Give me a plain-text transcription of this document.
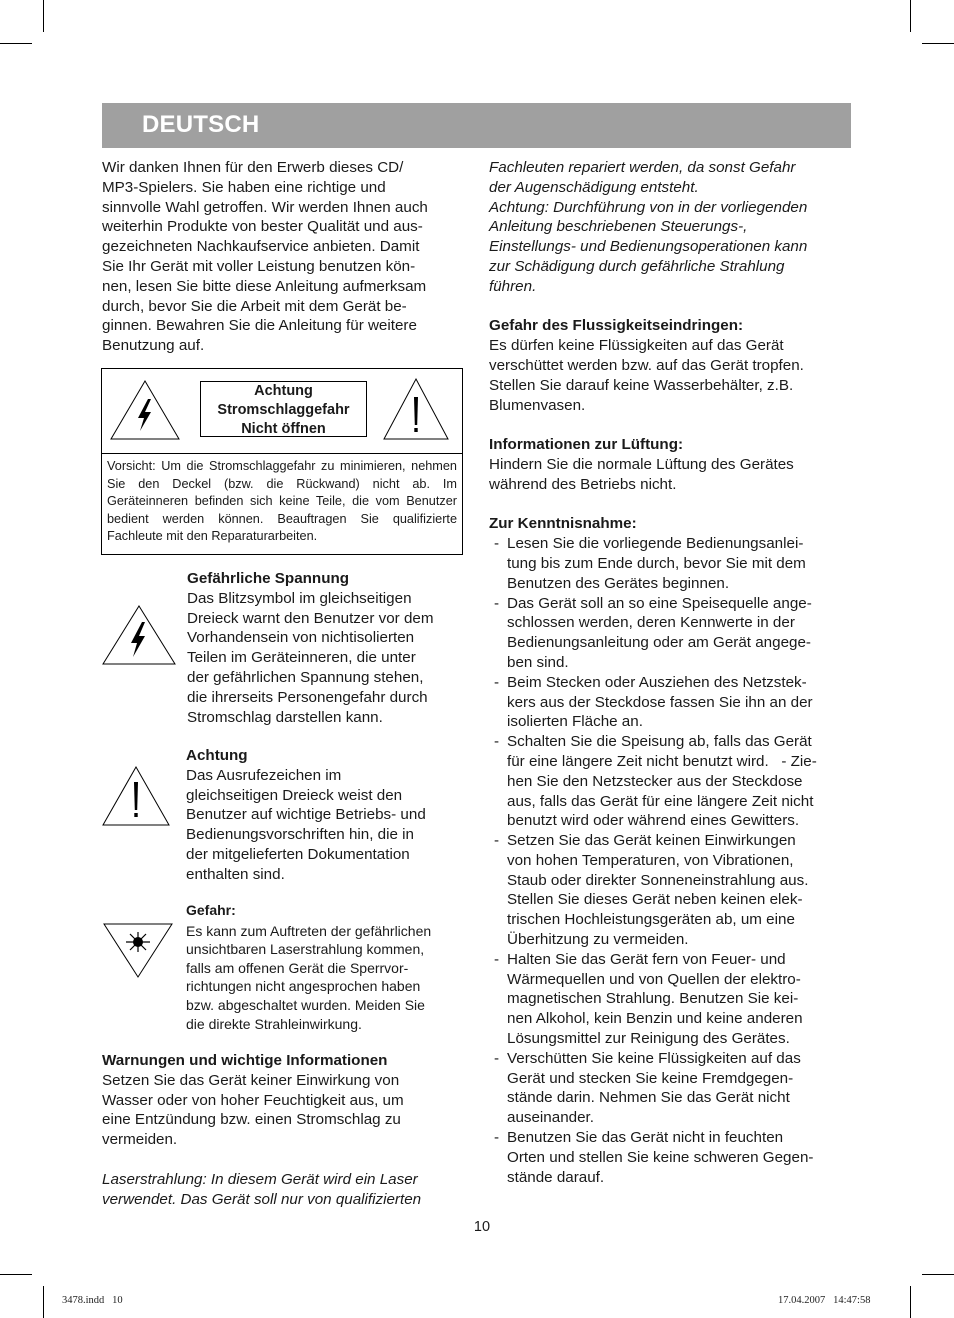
DEUTSCH

Wir danken Ihnen für den Erwerb dieses CD/

MP3-Spielers. Sie haben eine richtige und

sinnvolle Wahl getroffen. Wir werden Ihnen auch

weiterhin Produkte von bester Qualität und aus-

gezeichneten Nachkaufservice anbieten. Damit

Sie Ihr Gerät mit voller Leistung benutzen kön-

nen, lesen Sie bitte diese Anleitung aufmerksam

durch, bevor Sie die Arbeit mit dem Gerät be-

ginnen. Bewahren Sie die Anleitung für weitere

Benutzung auf.

Achtung
Stromschlaggefahr
Nicht öffnen
Vorsicht: Um die Stromschlaggefahr zu minimieren, nehmen Sie den Deckel (bzw. die Rückwand) nicht ab. Im Geräteinneren befinden sich keine Teile, die vom Benutzer bedient werden können. Beauftragen Sie qualifizierte Fachleute mit den Reparaturarbeiten.

Gefährliche Spannung

Das Blitzsymbol im gleichseitigen

Dreieck warnt den Benutzer vor dem

Vorhandensein von nichtisolierten

Teilen im Geräteinneren, die unter

der gefährlichen Spannung stehen,

die ihrerseits Personengefahr durch

Stromschlag darstellen kann.

Achtung

Das Ausrufezeichen im

gleichseitigen Dreieck weist den

Benutzer auf wichtige Betriebs- und

Bedienungsvorschriften hin, die in

der mitgelieferten Dokumentation

enthalten sind.

Gefahr:

Es kann zum Auftreten der gefährlichen

unsichtbaren Laserstrahlung kommen,

falls am offenen Gerät die Sperrvor-

richtungen nicht angesprochen haben

bzw. abgeschaltet wurden. Meiden Sie

die direkte Strahleinwirkung.

Warnungen und wichtige Informationen

Setzen Sie das Gerät keiner Einwirkung von

Wasser oder von hoher Feuchtigkeit aus, um

eine Entzündung bzw. einen Stromschlag zu

vermeiden.

Laserstrahlung: In diesem Gerät wird ein Laser

verwendet. Das Gerät soll nur von qualifizierten

Fachleuten repariert werden, da sonst Gefahr

der Augenschädigung entsteht.

Achtung: Durchführung von in der vorliegenden

Anleitung beschriebenen Steuerungs-,

Einstellungs- und Bedienungsoperationen kann

zur Schädigung durch gefährliche Strahlung

führen.

Gefahr des Flussigkeitseindringen:

Es dürfen keine Flüssigkeiten auf das Gerät

verschüttet werden bzw. auf das Gerät tropfen.

Stellen Sie darauf keine Wasserbehälter, z.B.

Blumenvasen.

Informationen zur Lüftung:

Hindern Sie die normale Lüftung des Gerätes

während des Betriebs nicht.

Zur Kenntnisnahme:

- Lesen Sie die vorliegende Bedienungsanlei-
tung bis zum Ende durch, bevor Sie mit dem
Benutzen des Gerätes beginnen.
- Das Gerät soll an so eine Speisequelle ange-
schlossen werden, deren Kennwerte in der
Bedienungsanleitung oder am Gerät angege-
ben sind.
- Beim Stecken oder Ausziehen des Netzstek-
kers aus der Steckdose fassen Sie ihn an der
isolierten Fläche an.
- Schalten Sie die Speisung ab, falls das Gerät
für eine längere Zeit nicht benutzt wird.   - Zie-
hen Sie den Netzstecker aus der Steckdose
aus, falls das Gerät für eine längere Zeit nicht
benutzt wird oder während eines Gewitters.
- Setzen Sie das Gerät keinen Einwirkungen
von hohen Temperaturen, von Vibrationen,
Staub oder direkter Sonneneinstrahlung aus.
Stellen Sie dieses Gerät neben keinen elek-
trischen Hochleistungsgeräten ab, um eine
Überhitzung zu vermeiden.
- Halten Sie das Gerät fern von Feuer- und
Wärmequellen und von Quellen der elektro-
magnetischen Strahlung. Benutzen Sie kei-
nen Alkohol, kein Benzin und keine anderen
Lösungsmittel zur Reinigung des Gerätes.
- Verschütten Sie keine Flüssigkeiten auf das
Gerät und stecken Sie keine Fremdgegen-
stände darin. Nehmen Sie das Gerät nicht
auseinander.
- Benutzen Sie das Gerät nicht in feuchten
Orten und stellen Sie keine schweren Gegen-
stände darauf.
10
3478.indd   10	17.04.2007   14:47:58
